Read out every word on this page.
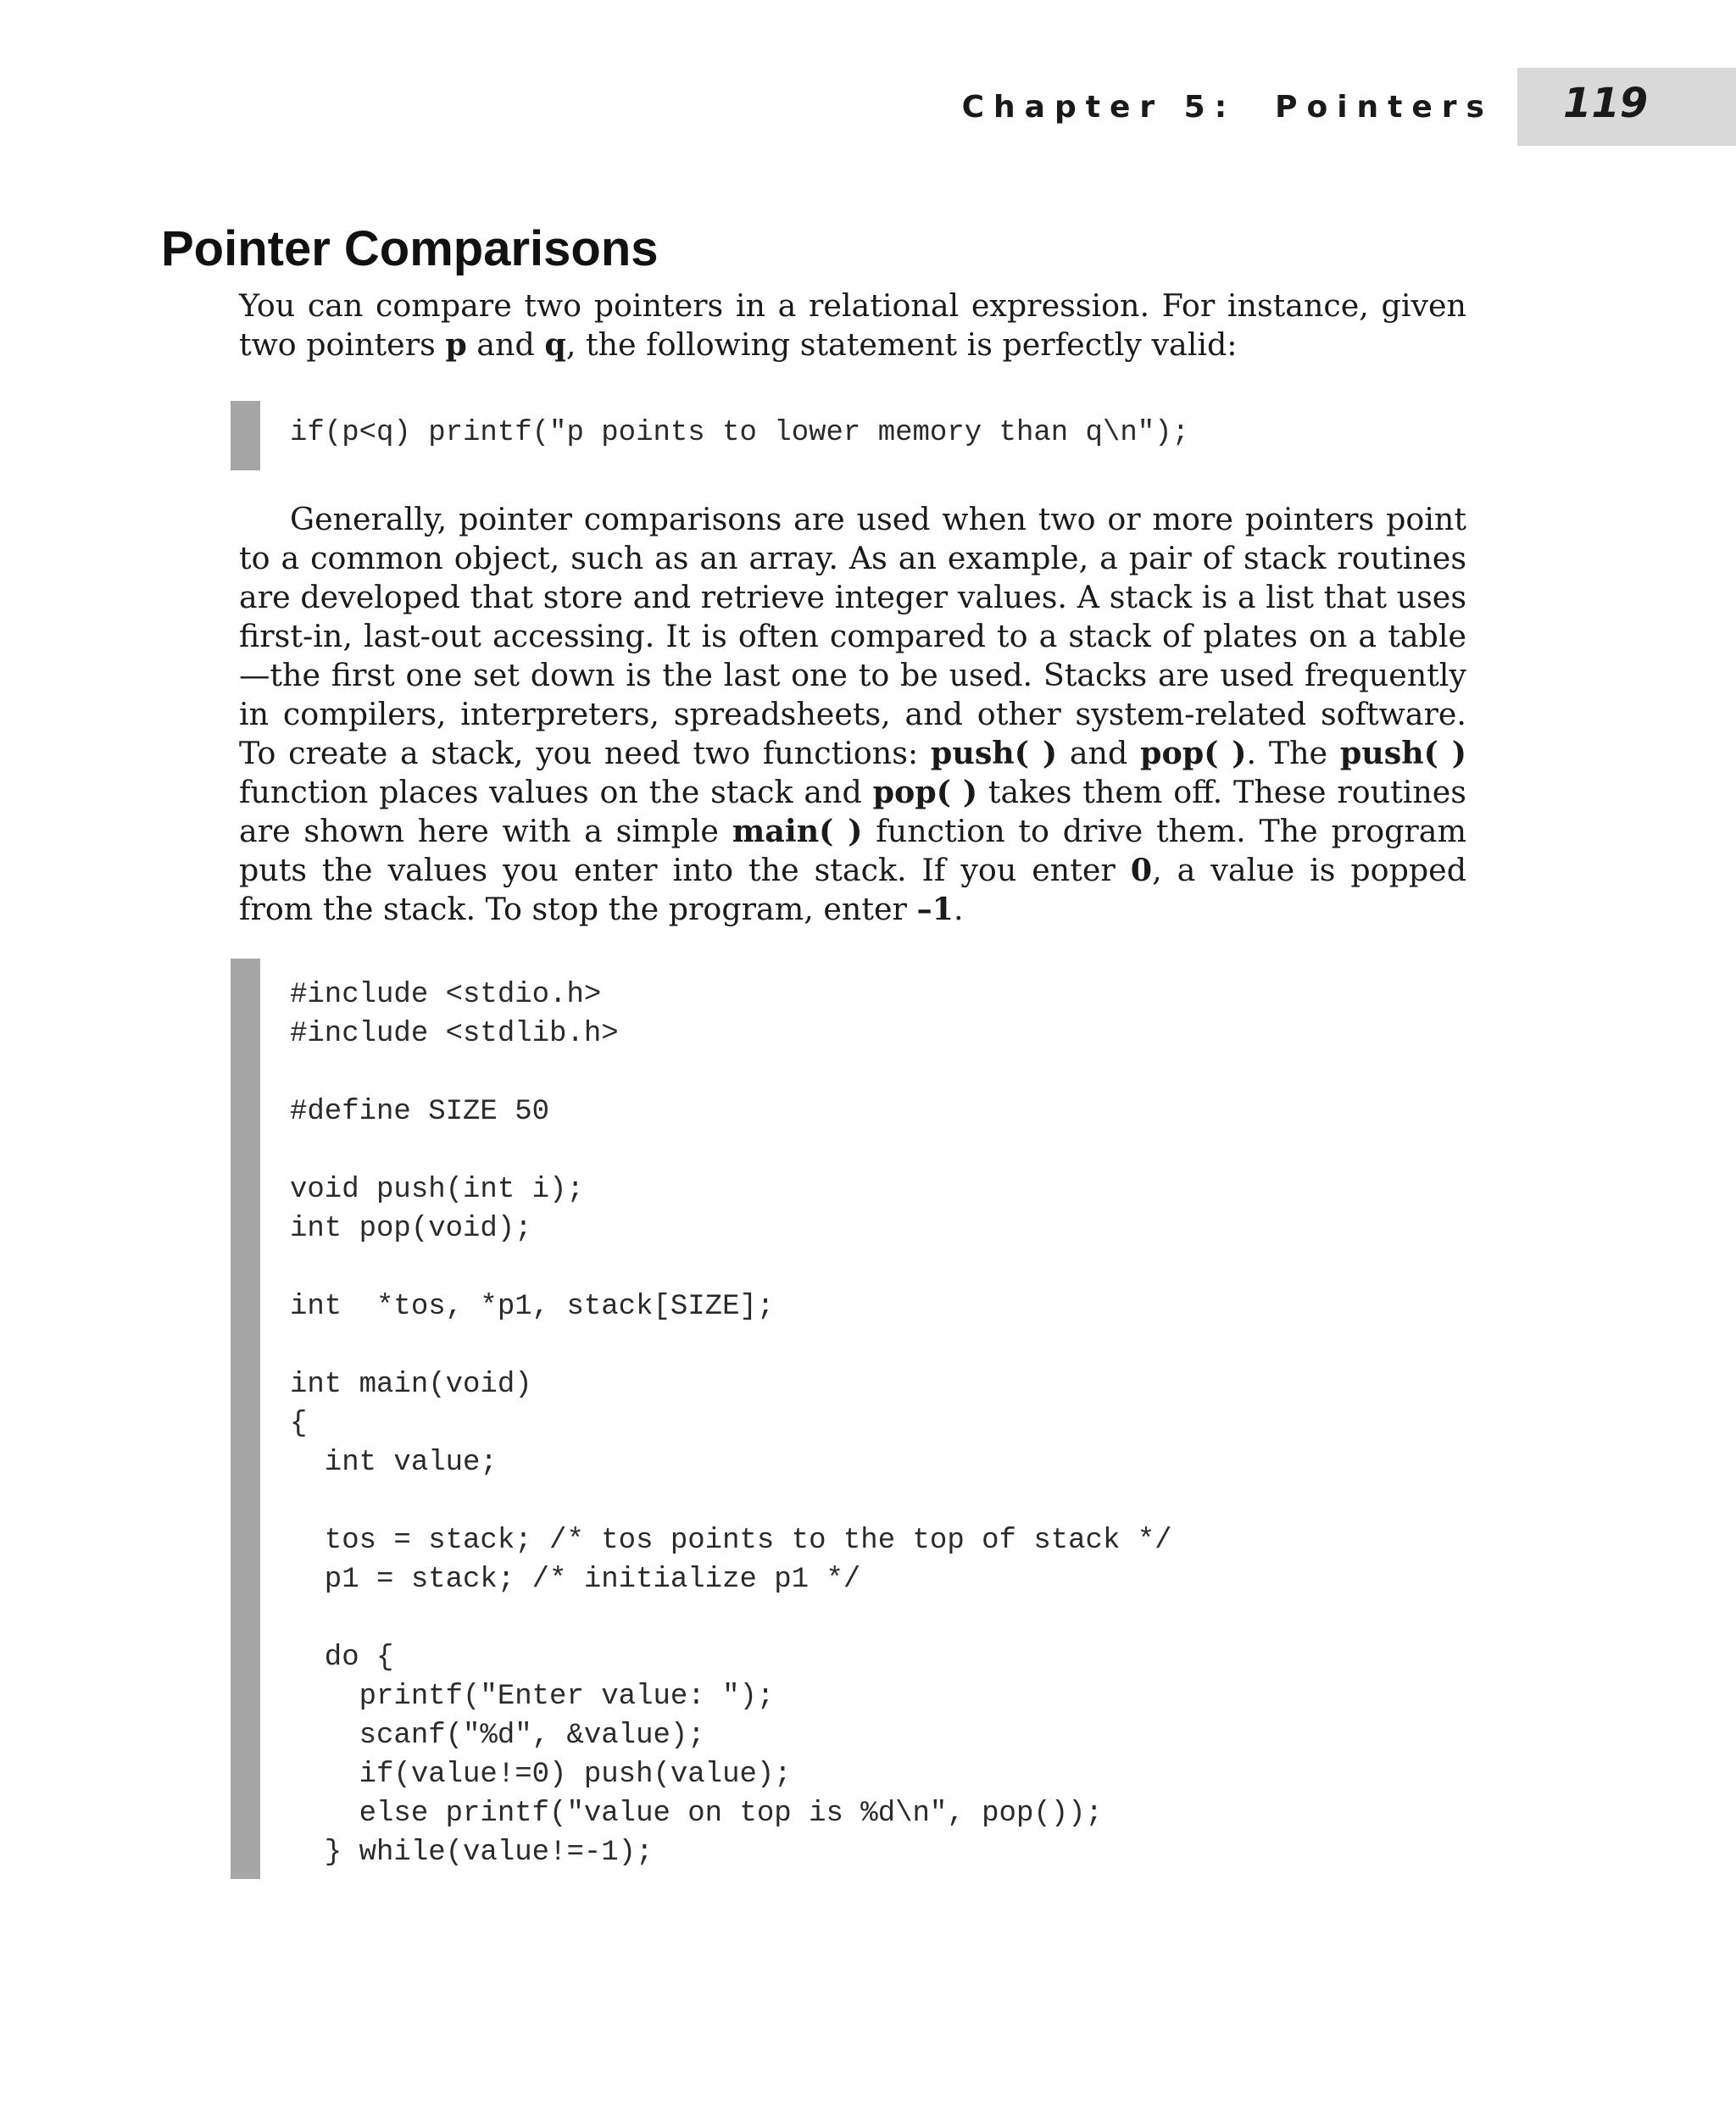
Chapter 5: Pointers 119
Pointer Comparisons

You can compare two pointers in a relational expression. For instance, given two pointers p and q, the following statement is perfectly valid:

if(p<q) printf("p points to lower memory than q\n");

Generally, pointer comparisons are used when two or more pointers point to a common object, such as an array. As an example, a pair of stack routines are developed that store and retrieve integer values. A stack is a list that uses first-in, last-out accessing. It is often compared to a stack of plates on a table—the first one set down is the last one to be used. Stacks are used frequently in compilers, interpreters, spreadsheets, and other system-related software. To create a stack, you need two functions: push( ) and pop( ). The push( ) function places values on the stack and pop( ) takes them off. These routines are shown here with a simple main( ) function to drive them. The program puts the values you enter into the stack. If you enter 0, a value is popped from the stack. To stop the program, enter –1.

#include <stdio.h>
#include <stdlib.h>
#define SIZE 50
void push(int i);
int pop(void);
int  *tos, *p1, stack[SIZE];
int main(void)
{
int value;
tos = stack; /* tos points to the top of stack */
p1 = stack; /* initialize p1 */
do {
printf("Enter value: ");
scanf("%d", &value);
if(value!=0) push(value);
else printf("value on top is %d\n", pop());
} while(value!=-1);
